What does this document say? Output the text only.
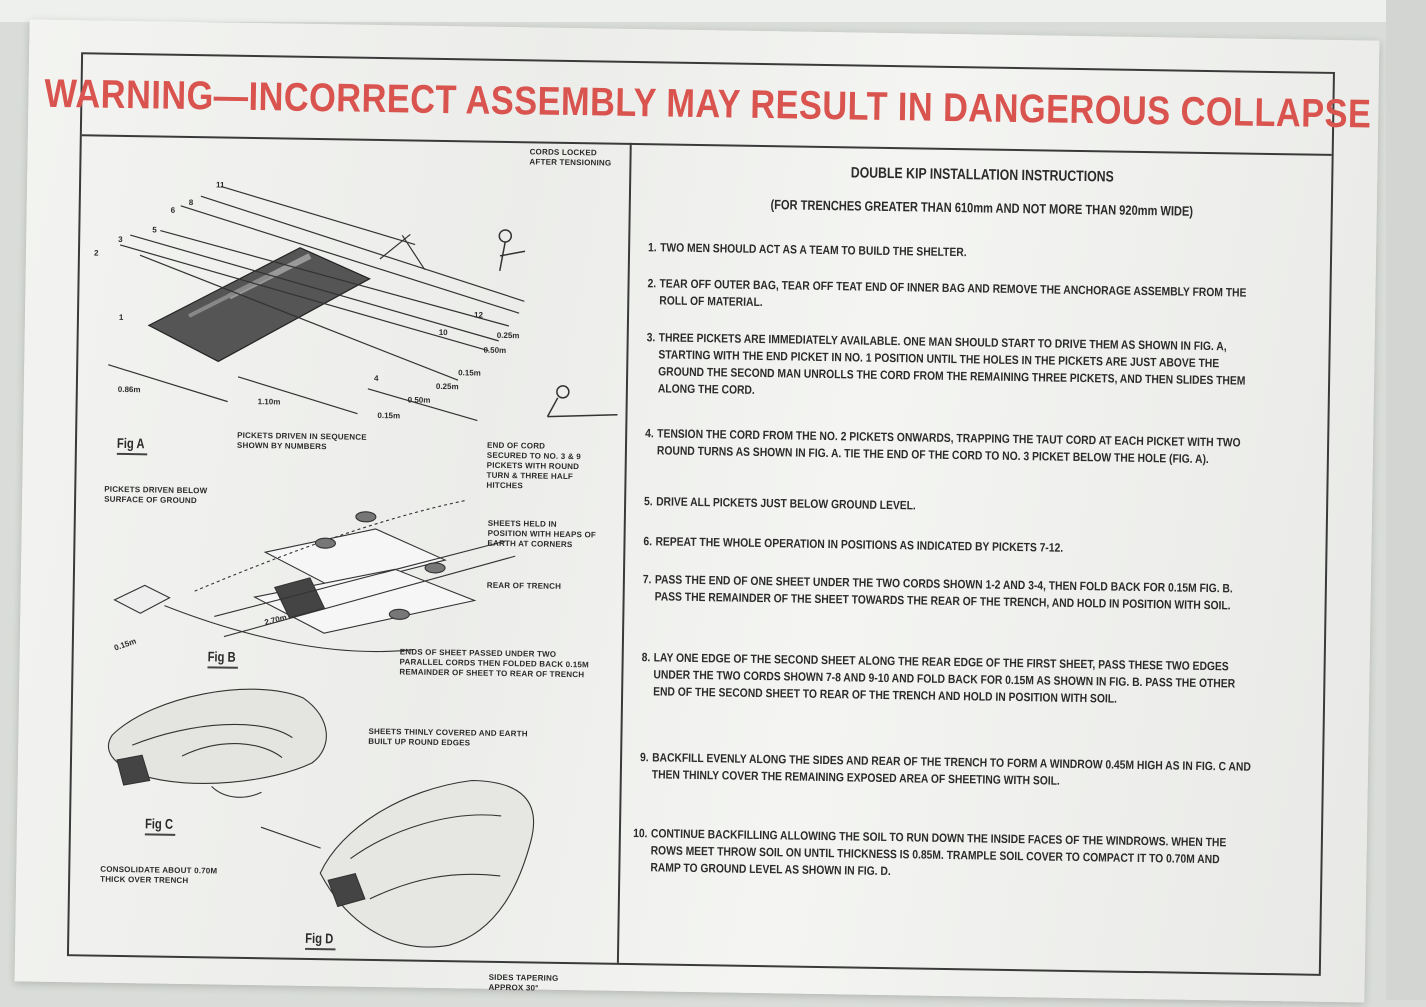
WARNING—INCORRECT ASSEMBLY MAY RESULT IN DANGEROUS COLLAPSE
CORDS LOCKED AFTER TENSIONING
PICKETS DRIVEN IN SEQUENCE SHOWN BY NUMBERS	END OF CORD SECURED TO NO. 3 & 9 PICKETS WITH ROUND TURN & THREE HALF HITCHES
Fig A
0.86m
1.10m
0.25m
0.50m
0.15m
0.25m
0.50m
0.15m
2
3
1
5
6
8
11
12
10
4
PICKETS DRIVEN BELOW SURFACE OF GROUND
SHEETS HELD IN POSITION WITH HEAPS OF EARTH AT CORNERS
REAR OF TRENCH
ENDS OF SHEET PASSED UNDER TWO PARALLEL CORDS THEN FOLDED BACK 0.15M REMAINDER OF SHEET TO REAR OF TRENCH
0.15m
2.70m
Fig B
SHEETS THINLY COVERED AND EARTH BUILT UP ROUND EDGES
Fig C
CONSOLIDATE ABOUT 0.70M THICK OVER TRENCH
Fig D
SIDES TAPERING APPROX 30°
DOUBLE KIP INSTALLATION INSTRUCTIONS
(FOR TRENCHES GREATER THAN 610mm AND NOT MORE THAN 920mm WIDE)
1. TWO MEN SHOULD ACT AS A TEAM TO BUILD THE SHELTER.
2. TEAR OFF OUTER BAG, TEAR OFF TEAT END OF INNER BAG AND REMOVE THE ANCHORAGE ASSEMBLY FROM THE ROLL OF MATERIAL.
3. THREE PICKETS ARE IMMEDIATELY AVAILABLE. ONE MAN SHOULD START TO DRIVE THEM AS SHOWN IN FIG. A, STARTING WITH THE END PICKET IN NO. 1 POSITION UNTIL THE HOLES IN THE PICKETS ARE JUST ABOVE THE GROUND THE SECOND MAN UNROLLS THE CORD FROM THE REMAINING THREE PICKETS, AND THEN SLIDES THEM ALONG THE CORD.
4. TENSION THE CORD FROM THE NO. 2 PICKETS ONWARDS, TRAPPING THE TAUT CORD AT EACH PICKET WITH TWO ROUND TURNS AS SHOWN IN FIG. A. TIE THE END OF THE CORD TO NO. 3 PICKET BELOW THE HOLE (FIG. A).
5. DRIVE ALL PICKETS JUST BELOW GROUND LEVEL.
6. REPEAT THE WHOLE OPERATION IN POSITIONS AS INDICATED BY PICKETS 7-12.
7. PASS THE END OF ONE SHEET UNDER THE TWO CORDS SHOWN 1-2 AND 3-4, THEN FOLD BACK FOR 0.15M FIG. B. PASS THE REMAINDER OF THE SHEET TOWARDS THE REAR OF THE TRENCH, AND HOLD IN POSITION WITH SOIL.
8. LAY ONE EDGE OF THE SECOND SHEET ALONG THE REAR EDGE OF THE FIRST SHEET, PASS THESE TWO EDGES UNDER THE TWO CORDS SHOWN 7-8 AND 9-10 AND FOLD BACK FOR 0.15M AS SHOWN IN FIG. B. PASS THE OTHER END OF THE SECOND SHEET TO REAR OF THE TRENCH AND HOLD IN POSITION WITH SOIL.
9. BACKFILL EVENLY ALONG THE SIDES AND REAR OF THE TRENCH TO FORM A WINDROW 0.45M HIGH AS IN FIG. C AND THEN THINLY COVER THE REMAINING EXPOSED AREA OF SHEETING WITH SOIL.
10. CONTINUE BACKFILLING ALLOWING THE SOIL TO RUN DOWN THE INSIDE FACES OF THE WINDROWS. WHEN THE ROWS MEET THROW SOIL ON UNTIL THICKNESS IS 0.85M. TRAMPLE SOIL COVER TO COMPACT IT TO 0.70M AND RAMP TO GROUND LEVEL AS SHOWN IN FIG. D.
